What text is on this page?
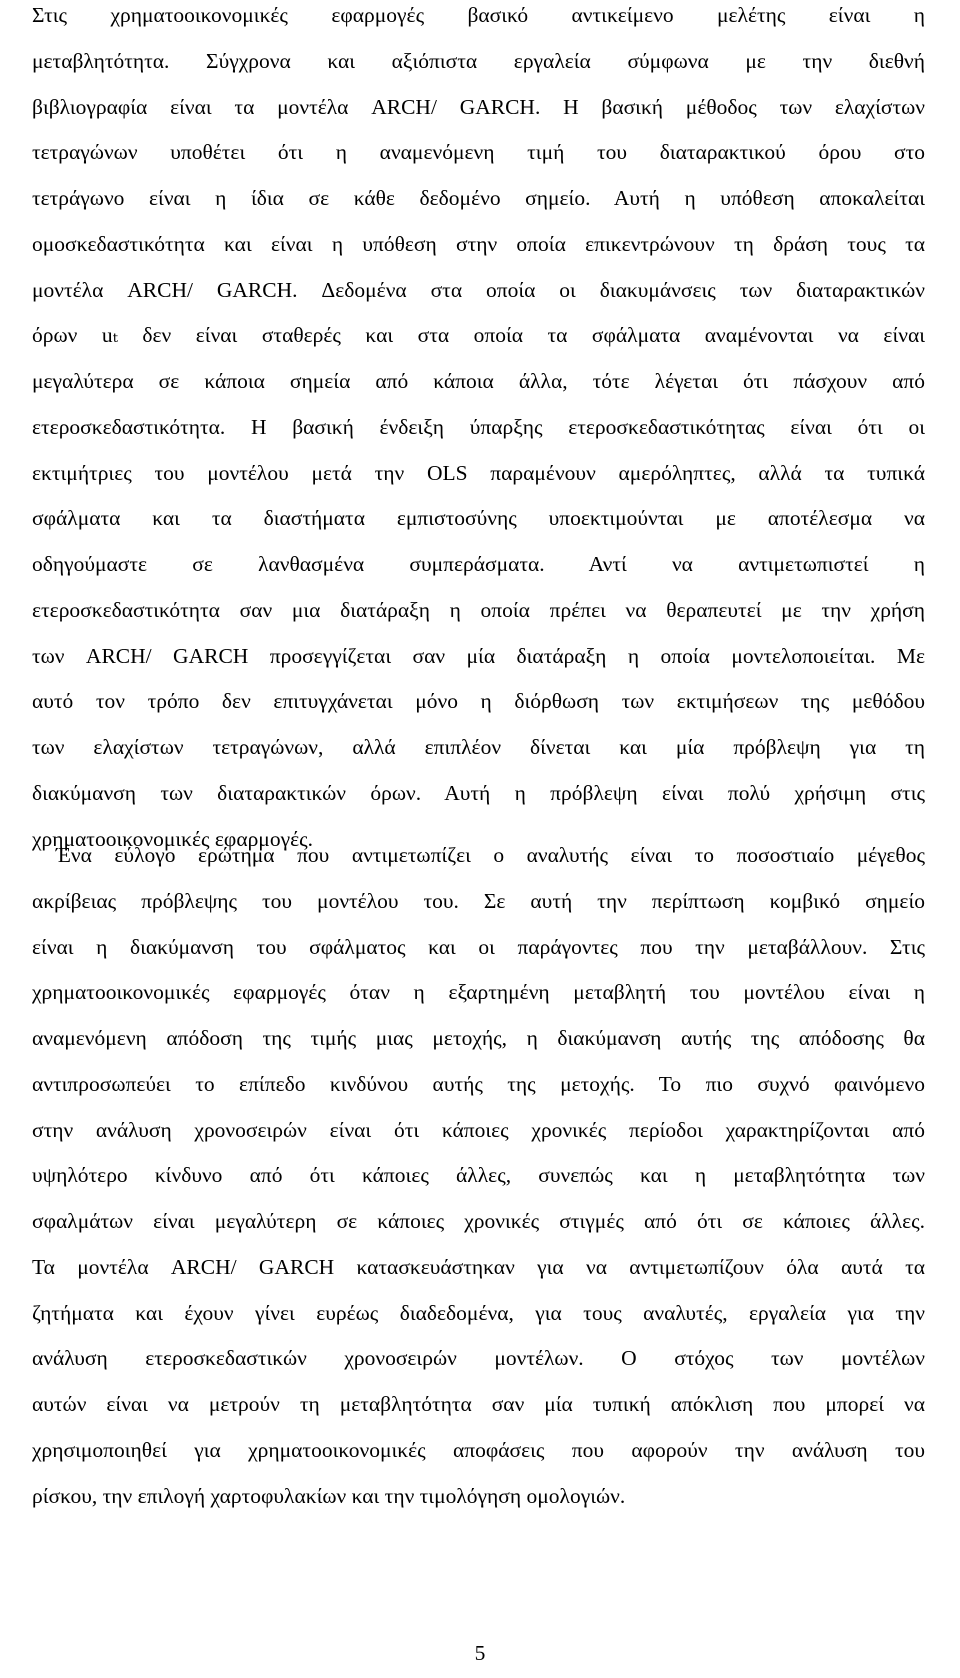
Στις χρηματοοικονομικές εφαρμογές βασικό αντικείμενο μελέτης είναι η
μεταβλητότητα. Σύγχρονα και αξιόπιστα εργαλεία σύμφωνα με την διεθνή
βιβλιογραφία είναι τα μοντέλα ARCH/ GARCH. Η βασική μέθοδος των ελαχίστων
τετραγώνων υποθέτει ότι η αναμενόμενη τιμή του διαταρακτικού όρου στο
τετράγωνο είναι η ίδια σε κάθε δεδομένο σημείο. Αυτή η υπόθεση αποκαλείται
ομοσκεδαστικότητα και είναι η υπόθεση στην οποία επικεντρώνουν τη δράση τους τα
μοντέλα ARCH/ GARCH. Δεδομένα στα οποία οι διακυμάνσεις των διαταρακτικών
όρων uₜ δεν είναι σταθερές και στα οποία τα σφάλματα αναμένονται να είναι
μεγαλύτερα σε κάποια σημεία από κάποια άλλα, τότε λέγεται ότι πάσχουν από
ετεροσκεδαστικότητα. Η βασική ένδειξη ύπαρξης ετεροσκεδαστικότητας είναι ότι οι
εκτιμήτριες του μοντέλου μετά την OLS παραμένουν αμερόληπτες, αλλά τα τυπικά
σφάλματα και τα διαστήματα εμπιστοσύνης υποεκτιμούνται με αποτέλεσμα να
οδηγούμαστε σε λανθασμένα συμπεράσματα. Αντί να αντιμετωπιστεί η
ετεροσκεδαστικότητα σαν μια διατάραξη η οποία πρέπει να θεραπευτεί με την χρήση
των ARCH/ GARCH προσεγγίζεται σαν μία διατάραξη η οποία μοντελοποιείται. Με
αυτό τον τρόπο δεν επιτυγχάνεται μόνο η διόρθωση των εκτιμήσεων της μεθόδου
των ελαχίστων τετραγώνων, αλλά επιπλέον δίνεται και μία πρόβλεψη για τη
διακύμανση των διαταρακτικών όρων. Αυτή η πρόβλεψη είναι πολύ χρήσιμη στις
χρηματοοικονομικές εφαρμογές.
Ένα εύλογο ερώτημα που αντιμετωπίζει ο αναλυτής είναι το ποσοστιαίο μέγεθος
ακρίβειας πρόβλεψης του μοντέλου του. Σε αυτή την περίπτωση κομβικό σημείο
είναι η διακύμανση του σφάλματος και οι παράγοντες που την μεταβάλλουν. Στις
χρηματοοικονομικές εφαρμογές όταν η εξαρτημένη μεταβλητή του μοντέλου είναι η
αναμενόμενη απόδοση της τιμής μιας μετοχής, η διακύμανση αυτής της απόδοσης θα
αντιπροσωπεύει το επίπεδο κινδύνου αυτής της μετοχής. Το πιο συχνό φαινόμενο
στην ανάλυση χρονοσειρών είναι ότι κάποιες χρονικές περίοδοι χαρακτηρίζονται από
υψηλότερο κίνδυνο από ότι κάποιες άλλες, συνεπώς και η μεταβλητότητα των
σφαλμάτων είναι μεγαλύτερη σε κάποιες χρονικές στιγμές από ότι σε κάποιες άλλες.
Τα μοντέλα ARCH/ GARCH κατασκευάστηκαν για να αντιμετωπίζουν όλα αυτά τα
ζητήματα και έχουν γίνει ευρέως διαδεδομένα, για τους αναλυτές, εργαλεία για την
ανάλυση ετεροσκεδαστικών χρονοσειρών μοντέλων. Ο στόχος των μοντέλων
αυτών είναι να μετρούν τη μεταβλητότητα σαν μία τυπική απόκλιση που μπορεί να
χρησιμοποιηθεί για χρηματοοικονομικές αποφάσεις που αφορούν την ανάλυση του
ρίσκου, την επιλογή χαρτοφυλακίων και την τιμολόγηση ομολογιών.
5
